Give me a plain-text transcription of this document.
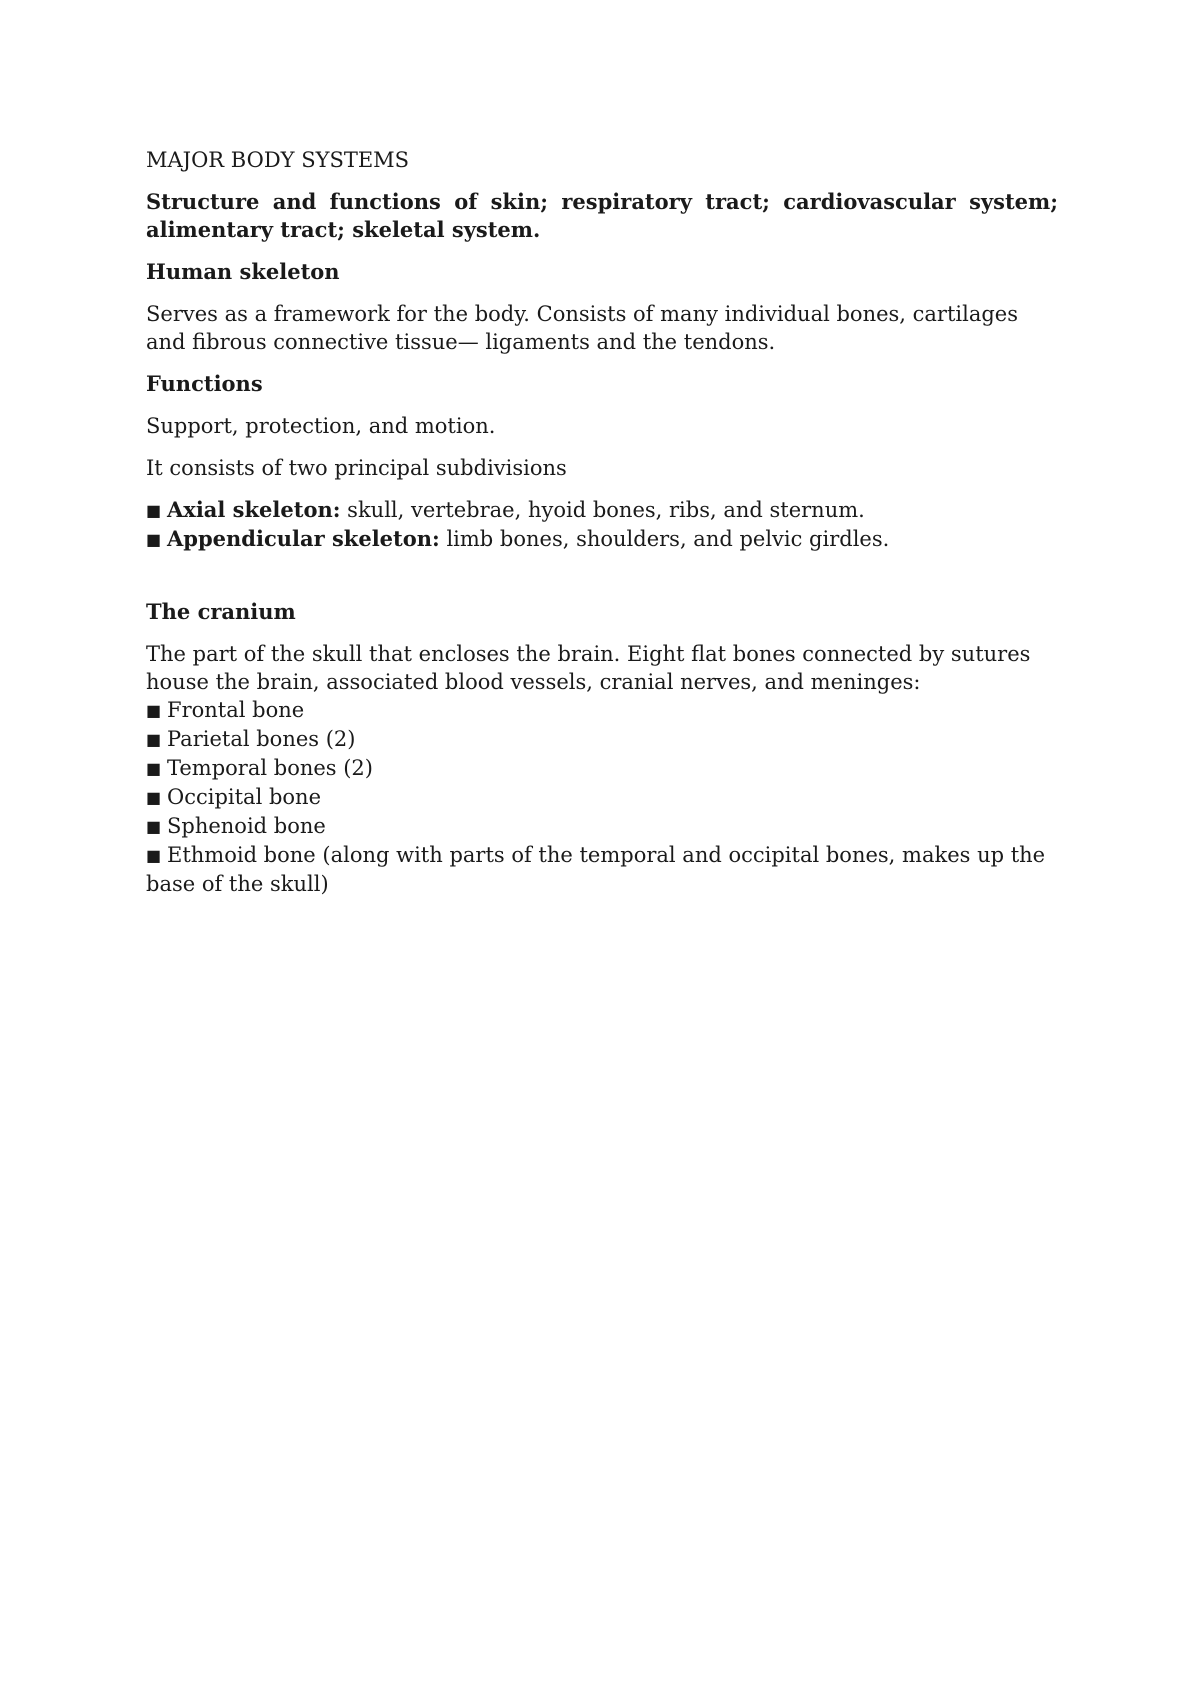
MAJOR BODY SYSTEMS

Structure and functions of skin; respiratory tract; cardiovascular system; alimentary tract; skeletal system.

Human skeleton

Serves as a framework for the body. Consists of many individual bones, cartilages and fibrous connective tissue— ligaments and the tendons.

Functions

Support, protection, and motion.

It consists of two principal subdivisions

■ Axial skeleton: skull, vertebrae, hyoid bones, ribs, and sternum.
■ Appendicular skeleton: limb bones, shoulders, and pelvic girdles.

The cranium

The part of the skull that encloses the brain. Eight flat bones connected by sutures house the brain, associated blood vessels, cranial nerves, and meninges:

■ Frontal bone
■ Parietal bones (2)
■ Temporal bones (2)
■ Occipital bone
■ Sphenoid bone
■ Ethmoid bone (along with parts of the temporal and occipital bones, makes up the base of the skull)
